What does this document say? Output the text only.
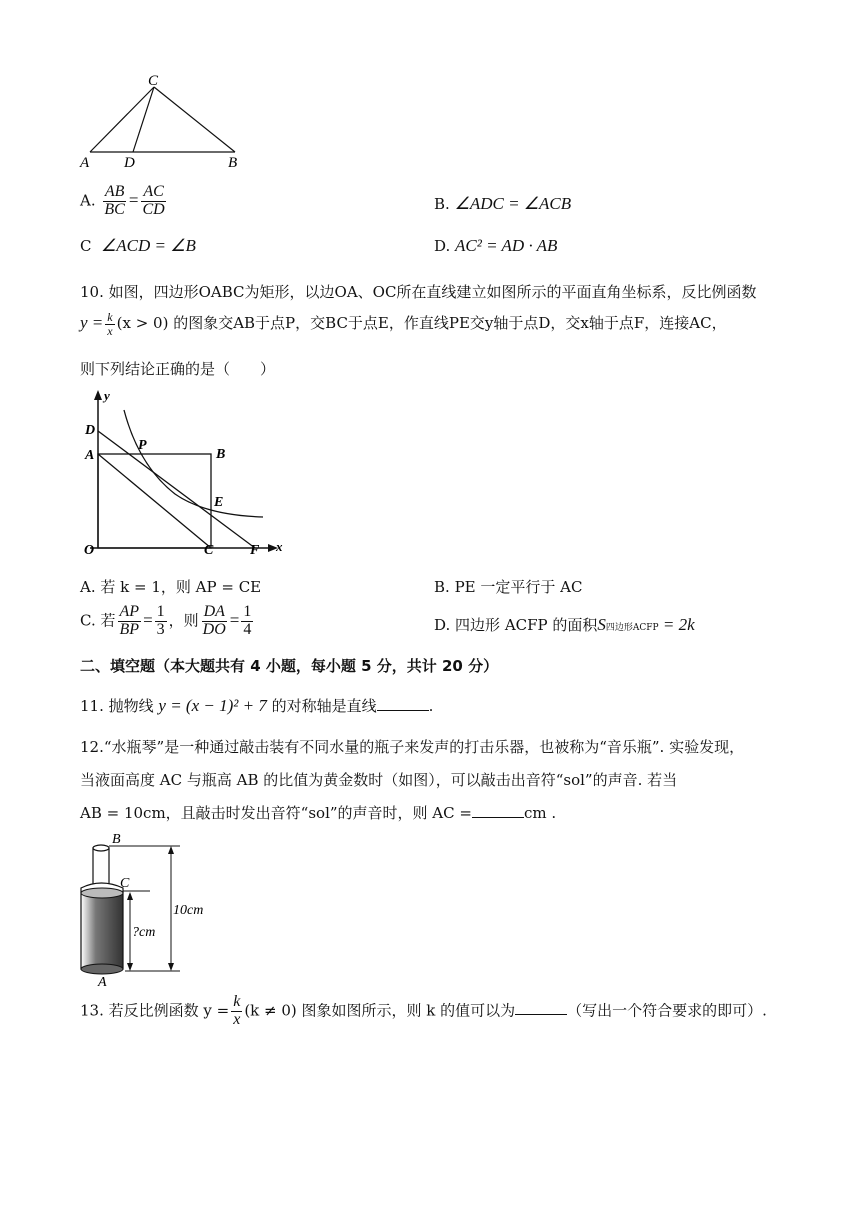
C
A D	B
A. $\frac{AB}{BC} = \frac{AC}{CD}$	B. ∠ADC = ∠ACB
C ∠ACD = ∠B	D. AC² = AD · AB
10. 如图，四边形OABC为矩形，以边OA、OC所在直线建立如图所示的平面直角坐标系，反比例函数
$y = \frac{k}{x} (x > 0)$ 的图象交AB于点P，交BC于点E，作直线PE交y轴于点D，交x轴于点F，连接AC，
则下列结论正确的是（　　）
y
x
D
A
P
B
E
O	C	F
A. 若 k = 1，则 AP = CE	B. PE 一定平行于 AC
C. 若 $\frac{AP}{BP} = \frac{1}{3}$ ，则 $\frac{DA}{DO} = \frac{1}{4}$	D. 四边形 ACFP 的面积S四边形ACFP = 2k
二、填空题（本大题共有 4 小题，每小题 5 分，共计 20 分）
11. 抛物线 y = (x − 1)² + 7 的对称轴是直线	.
12.“水瓶琴”是一种通过敲击装有不同水量的瓶子来发声的打击乐器，也被称为“音乐瓶”. 实验发现，
当液面高度 AC 与瓶高 AB 的比值为黄金数时（如图），可以敲击出音符“sol”的声音. 若当
AB = 10cm，且敲击时发出音符“sol”的声音时，则 AC =	cm .
B
C
A
?cm
10cm
13. 若反比例函数 $y = \frac{k}{x} (k \ne 0)$ 图象如图所示，则 k 的值可以为	（写出一个符合要求的即可）.
